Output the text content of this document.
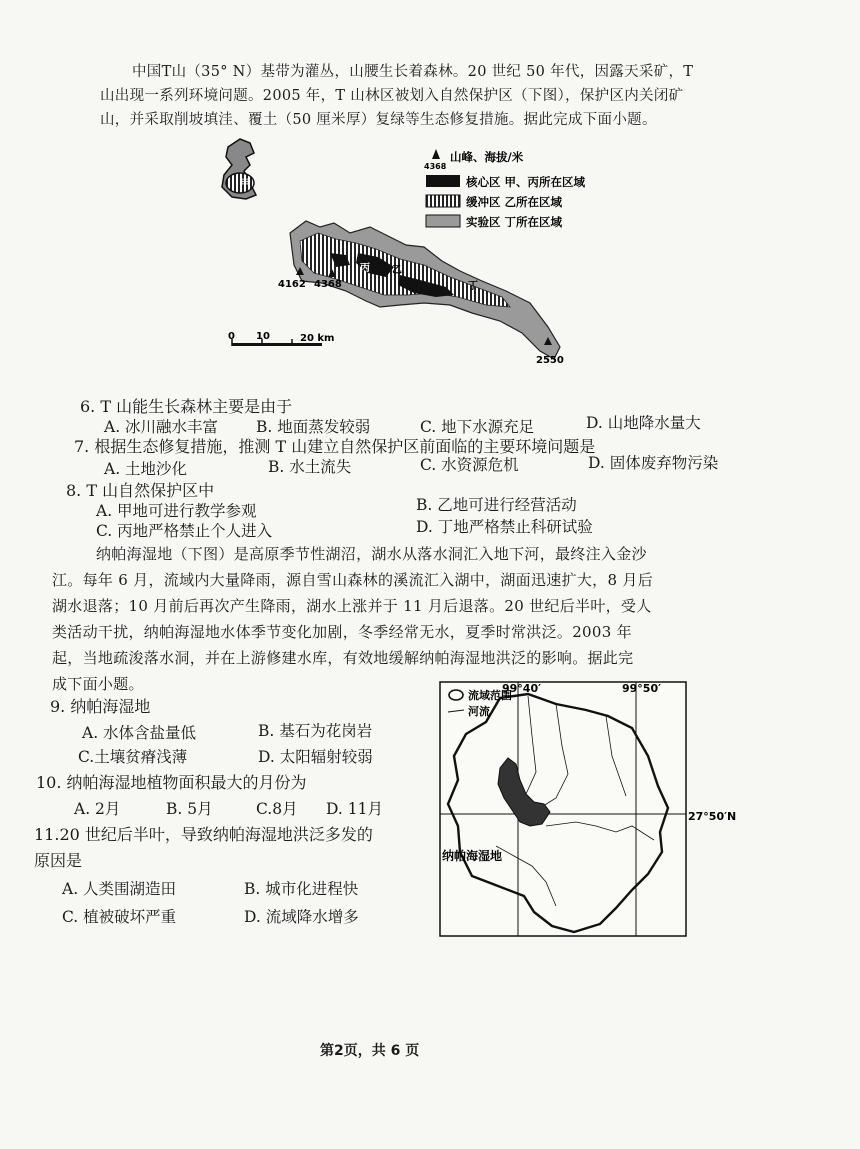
中国T山（35° N）基带为灌丛，山腰生长着森林。20 世纪 50 年代，因露天采矿，T
山出现一系列环境问题。2005 年，T 山林区被划入自然保护区（下图），保护区内关闭矿
山，并采取削坡填洼、覆土（50 厘米厚）复绿等生态修复措施。据此完成下面小题。
4162 4368
2550
甲
乙
丙
丁
0 10	20 km
4368
山峰、海拔/米
核心区 甲、丙所在区域
缓冲区 乙所在区域
实验区 丁所在区域
6. T 山能生长森林主要是由于
A. 冰川融水丰富 B. 地面蒸发较弱	C. 地下水源充足	D. 山地降水量大
7. 根据生态修复措施，推测 T 山建立自然保护区前面临的主要环境问题是
A. 土地沙化	B. 水土流失	C. 水资源危机	D. 固体废弃物污染
8. T 山自然保护区中
A. 甲地可进行教学参观	B. 乙地可进行经营活动
C. 丙地严格禁止个人进入	D. 丁地严格禁止科研试验
纳帕海湿地（下图）是高原季节性湖沼，湖水从落水洞汇入地下河，最终注入金沙
江。每年 6 月，流域内大量降雨，源自雪山森林的溪流汇入湖中，湖面迅速扩大，8 月后
湖水退落；10 月前后再次产生降雨，湖水上涨并于 11 月后退落。20 世纪后半叶，受人
类活动干扰，纳帕海湿地水体季节变化加剧，冬季经常无水，夏季时常洪泛。2003 年
起，当地疏浚落水洞，并在上游修建水库，有效地缓解纳帕海湿地洪泛的影响。据此完
成下面小题。
9. 纳帕海湿地
A. 水体含盐量低	B. 基石为花岗岩
C.土壤贫瘠浅薄	D. 太阳辐射较弱
10. 纳帕海湿地植物面积最大的月份为
A. 2月	B. 5月	C.8月 D. 11月
11.20 世纪后半叶，导致纳帕海湿地洪泛多发的
原因是
A. 人类围湖造田	B. 城市化进程快
C. 植被破坏严重	D. 流域降水增多
99°40′	99°50′
27°50′N
纳帕海湿地
流域范围
河流
第2页，共 6 页
